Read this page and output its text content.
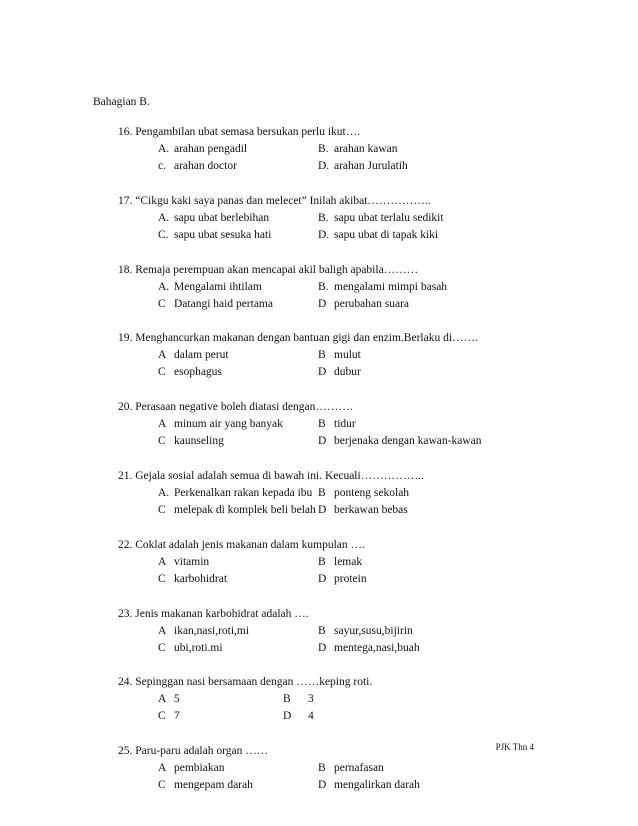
Bahagian B.
16. Pengambilan ubat semasa bersukan perlu ikut….
A. arahan pengadil	B. arahan kawan
c. arahan doctor	D. arahan Jurulatih
17. “Cikgu kaki saya panas dan melecet” Inilah akibat……………..
A. sapu ubat berlebihan	B. sapu ubat terlalu sedikit
C. sapu ubat sesuka hati	D. sapu ubat di tapak kiki
18. Remaja perempuan akan mencapai akil baligh apabila………
A. Mengalami ihtilam	B. mengalami mimpi basah
C Datangi haid pertama	D perubahan suara
19. Menghancurkan makanan dengan bantuan gigi dan enzim.Berlaku di…….
A dalam perut	B mulut
C esophagus	D dubur
20. Perasaan negative boleh diatasi dengan……….
A minum air yang banyak	B tidur
C kaunseling	D berjenaka dengan kawan-kawan
21. Gejala sosial adalah semua di bawah ini. Kecuali……………..
A. Perkenalkan rakan kepada ibu B ponteng sekolah
C melepak di komplek beli belah D berkawan bebas
22. Coklat adalah jenis makanan dalam kumpulan ….
A vitamin	B lemak
C karbohidrat	D protein
23. Jenis makanan karbohidrat adalah ….
A ikan,nasi,roti,mi	B sayur,susu,bijirin
C ubi,roti.mi	D mentega,nasi,buah
24. Sepinggan nasi bersamaan dengan ……keping roti.
A 5	B 3
C 7	D 4
25. Paru-paru adalah organ ……
A pembiakan	B pernafasan
C mengepam darah	D mengalirkan darah
PJK Thn 4
